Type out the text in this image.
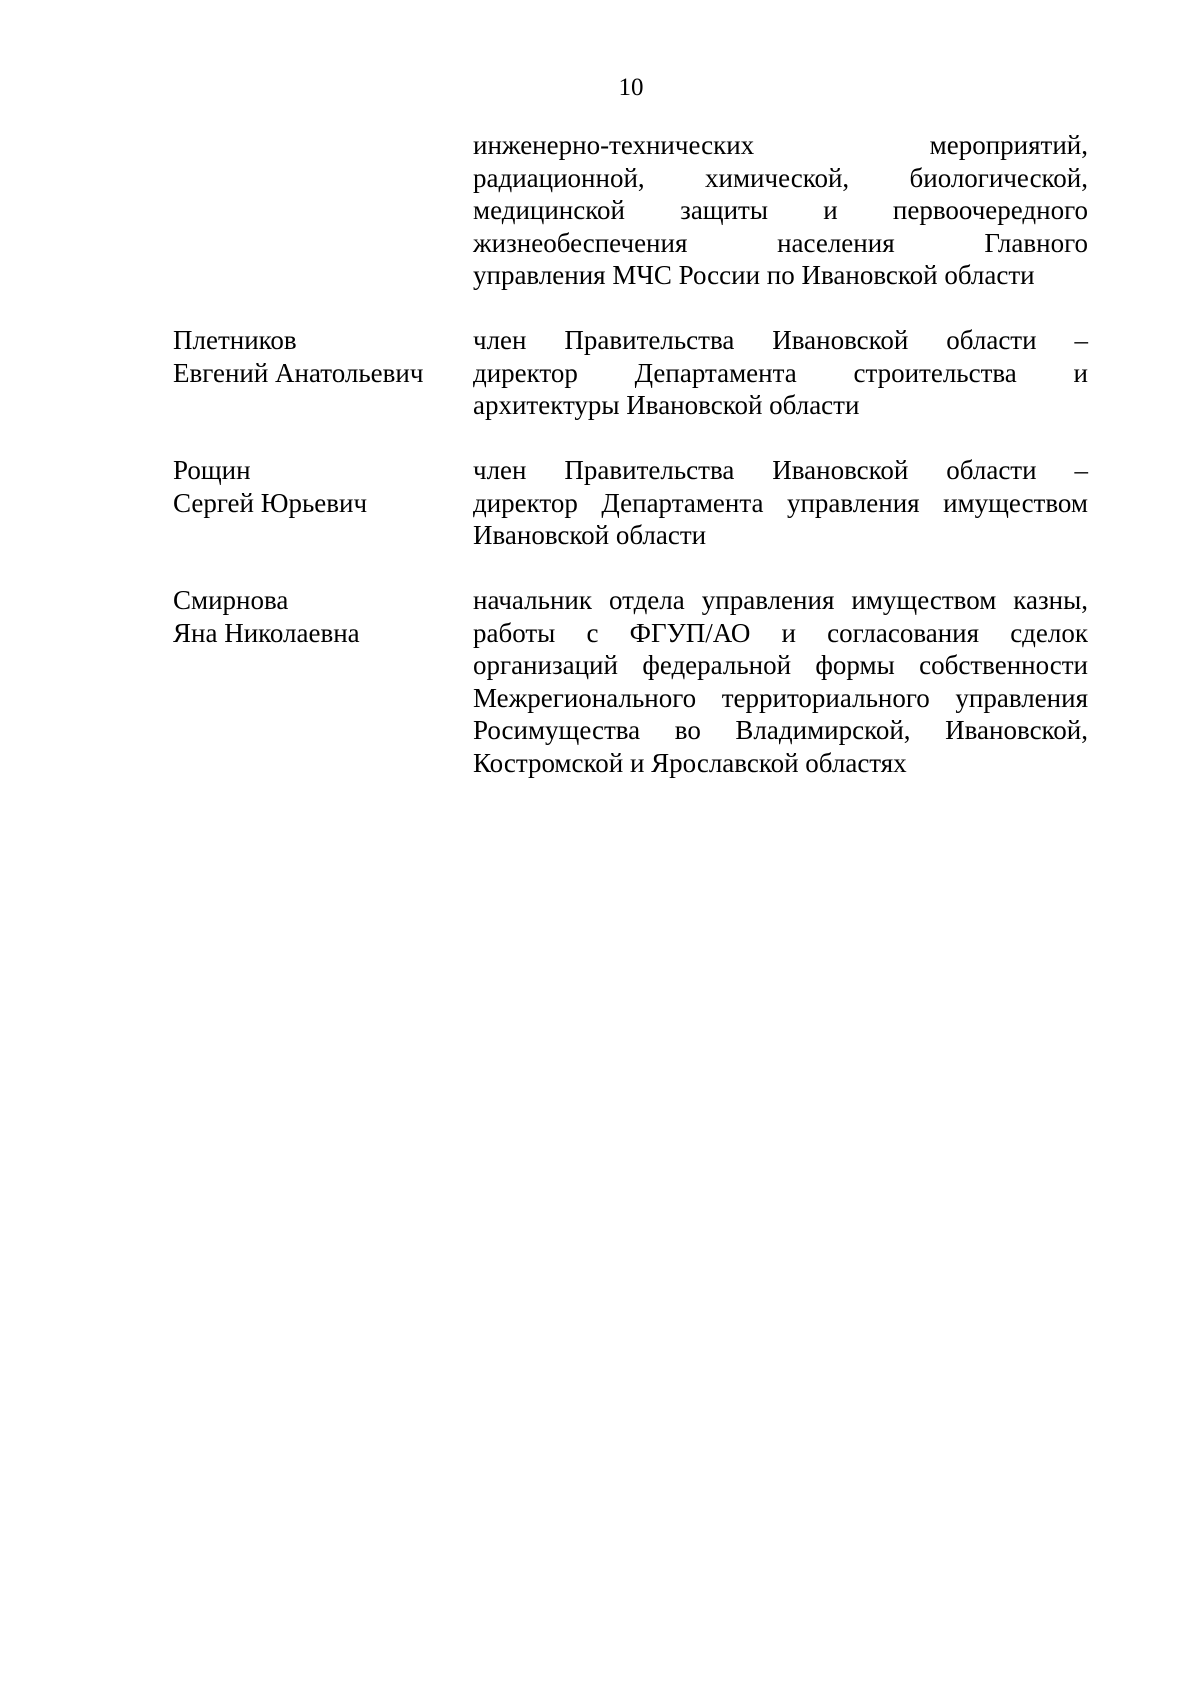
10
инженерно-технических мероприятий,
радиационной, химической, биологической,
медицинской защиты и первоочередного
жизнеобеспечения населения Главного
управления МЧС России по Ивановской области
Плетников
Евгений Анатольевич
член Правительства Ивановской области –
директор Департамента строительства и
архитектуры Ивановской области
Рощин
Сергей Юрьевич
член Правительства Ивановской области –
директор Департамента управления имуществом
Ивановской области
Смирнова
Яна Николаевна
начальник отдела управления имуществом казны,
работы с ФГУП/АО и согласования сделок
организаций федеральной формы собственности
Межрегионального территориального управления
Росимущества во Владимирской, Ивановской,
Костромской и Ярославской областях
